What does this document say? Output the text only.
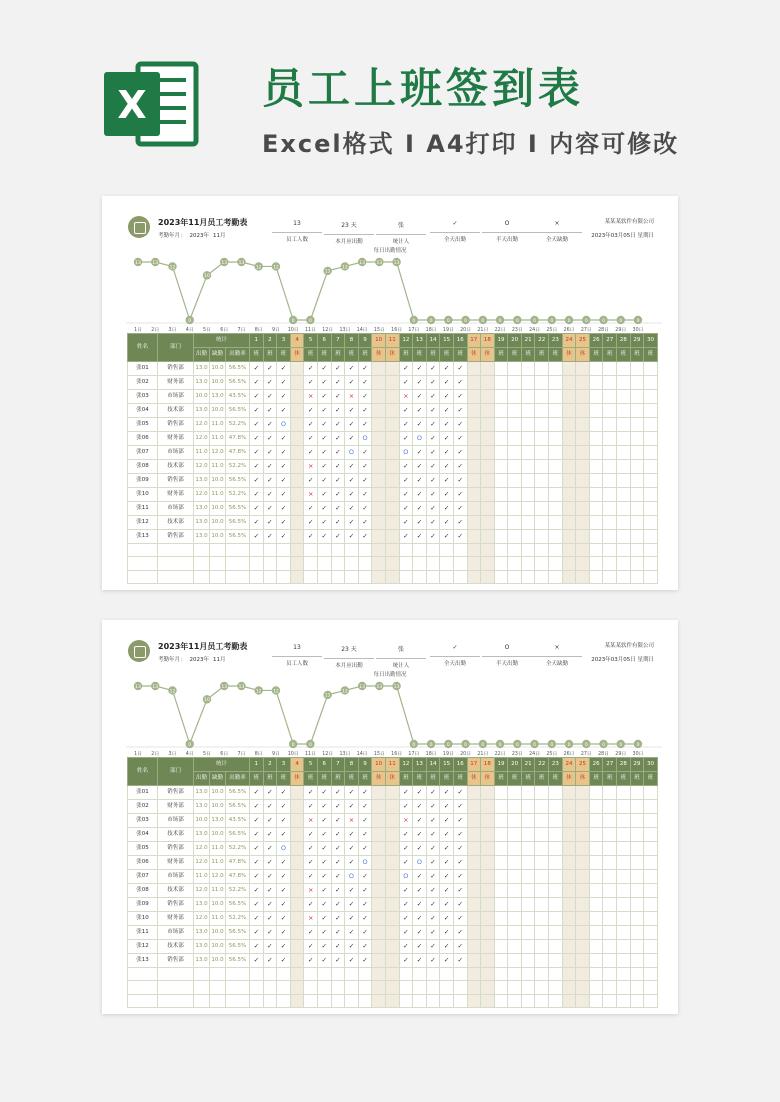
X	员工上班签到表
Excel格式 I A4打印 I 内容可修改
2023年11月员工考勤表
考勤年月： 2023年 11月
13
员工人数
23 天
本月应出勤
张
统计人
✓
全天出勤
O
半天出勤
×
全天缺勤
某某某软件有限公司
2023年03月05日 星期日
每日出勤情况
13
1日
13
2日
12
3日
0
4日
10
5日
13
6日
13
7日
12
8日
12
9日
0
10日
0
11日
11
12日
12
13日
13
14日
13
15日
13
16日
0
17日
0
18日
0
19日
0
20日
0
21日
0
22日
0
23日
0
24日
0
25日
0
26日
0
27日
0
28日
0
29日
0
30日
姓名	部门	统计			1	2	3	4	5	6	7	8	9	10	11	12	13	14	15	16	17	18	19	20	21	22	23	24	25	26	27	28	29	30
		出勤	缺勤	出勤率	班	班	班	休	班	班	班	班	班	休	休	班	班	班	班	班	休	休	班	班	班	班	班	休	休	班	班	班	班	班
张01	销售部	13.0	10.0	56.5%	✓	✓	✓		✓	✓	✓	✓	✓			✓	✓	✓	✓	✓														
张02	财务部	13.0	10.0	56.5%	✓	✓	✓		✓	✓	✓	✓	✓			✓	✓	✓	✓	✓														
张03	市场部	10.0	13.0	43.5%	✓	✓	✓		×	✓	✓	×	✓			×	✓	✓	✓	✓														
张04	技术部	13.0	10.0	56.5%	✓	✓	✓		✓	✓	✓	✓	✓			✓	✓	✓	✓	✓														
张05	销售部	12.0	11.0	52.2%	✓	✓	O		✓	✓	✓	✓	✓			✓	✓	✓	✓	✓														
张06	财务部	12.0	11.0	47.8%	✓	✓	✓		✓	✓	✓	✓	O			✓	O	✓	✓	✓														
张07	市场部	11.0	12.0	47.8%	✓	✓	✓		✓	✓	✓	O	✓			O	✓	✓	✓	✓														
张08	技术部	12.0	11.0	52.2%	✓	✓	✓		×	✓	✓	✓	✓			✓	✓	✓	✓	✓														
张09	销售部	13.0	10.0	56.5%	✓	✓	✓		✓	✓	✓	✓	✓			✓	✓	✓	✓	✓														
张10	财务部	12.0	11.0	52.2%	✓	✓	✓		×	✓	✓	✓	✓			✓	✓	✓	✓	✓														
张11	市场部	13.0	10.0	56.5%	✓	✓	✓		✓	✓	✓	✓	✓			✓	✓	✓	✓	✓														
张12	技术部	13.0	10.0	56.5%	✓	✓	✓		✓	✓	✓	✓	✓			✓	✓	✓	✓	✓														
张13	销售部	13.0	10.0	56.5%	✓	✓	✓		✓	✓	✓	✓	✓			✓	✓	✓	✓	✓														

2023年11月员工考勤表
考勤年月： 2023年 11月
13
员工人数
23 天
本月应出勤
张
统计人
✓
全天出勤
O
半天出勤
×
全天缺勤
某某某软件有限公司
2023年03月05日 星期日
每日出勤情况
13
1日
13
2日
12
3日
0
4日
10
5日
13
6日
13
7日
12
8日
12
9日
0
10日
0
11日
11
12日
12
13日
13
14日
13
15日
13
16日
0
17日
0
18日
0
19日
0
20日
0
21日
0
22日
0
23日
0
24日
0
25日
0
26日
0
27日
0
28日
0
29日
0
30日
姓名	部门	统计			1	2	3	4	5	6	7	8	9	10	11	12	13	14	15	16	17	18	19	20	21	22	23	24	25	26	27	28	29	30
		出勤	缺勤	出勤率	班	班	班	休	班	班	班	班	班	休	休	班	班	班	班	班	休	休	班	班	班	班	班	休	休	班	班	班	班	班
张01	销售部	13.0	10.0	56.5%	✓	✓	✓		✓	✓	✓	✓	✓			✓	✓	✓	✓	✓														
张02	财务部	13.0	10.0	56.5%	✓	✓	✓		✓	✓	✓	✓	✓			✓	✓	✓	✓	✓														
张03	市场部	10.0	13.0	43.5%	✓	✓	✓		×	✓	✓	×	✓			×	✓	✓	✓	✓														
张04	技术部	13.0	10.0	56.5%	✓	✓	✓		✓	✓	✓	✓	✓			✓	✓	✓	✓	✓														
张05	销售部	12.0	11.0	52.2%	✓	✓	O		✓	✓	✓	✓	✓			✓	✓	✓	✓	✓														
张06	财务部	12.0	11.0	47.8%	✓	✓	✓		✓	✓	✓	✓	O			✓	O	✓	✓	✓														
张07	市场部	11.0	12.0	47.8%	✓	✓	✓		✓	✓	✓	O	✓			O	✓	✓	✓	✓														
张08	技术部	12.0	11.0	52.2%	✓	✓	✓		×	✓	✓	✓	✓			✓	✓	✓	✓	✓														
张09	销售部	13.0	10.0	56.5%	✓	✓	✓		✓	✓	✓	✓	✓			✓	✓	✓	✓	✓														
张10	财务部	12.0	11.0	52.2%	✓	✓	✓		×	✓	✓	✓	✓			✓	✓	✓	✓	✓														
张11	市场部	13.0	10.0	56.5%	✓	✓	✓		✓	✓	✓	✓	✓			✓	✓	✓	✓	✓														
张12	技术部	13.0	10.0	56.5%	✓	✓	✓		✓	✓	✓	✓	✓			✓	✓	✓	✓	✓														
张13	销售部	13.0	10.0	56.5%	✓	✓	✓		✓	✓	✓	✓	✓			✓	✓	✓	✓	✓														
